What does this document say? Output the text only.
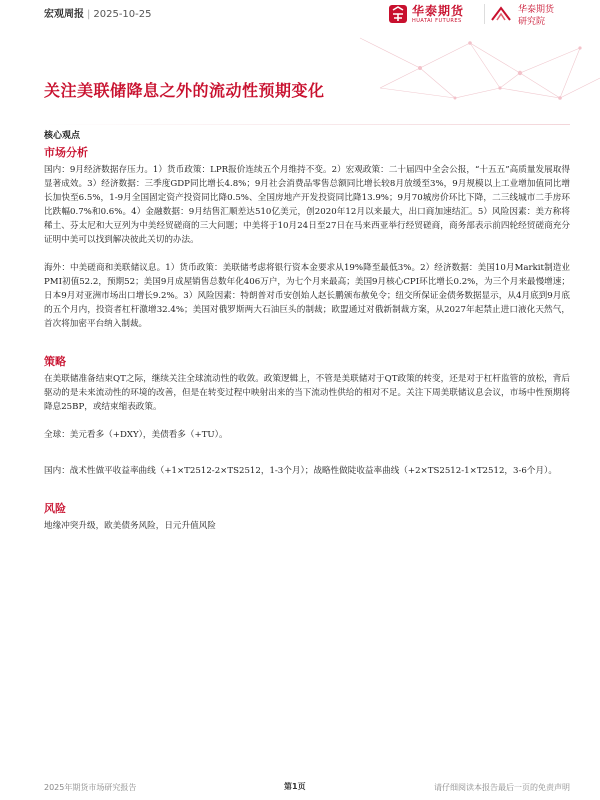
宏观周报 | 2025-10-25	华泰期货
HUATAI FUTURES
华泰期货
研究院
关注美联储降息之外的流动性预期变化
核心观点
市场分析

国内：9月经济数据存压力。1）货币政策：LPR报价连续五个月维持不变。2）宏观政策：二十届四中全会公报，“十五五”高质量发展取得显著成效。3）经济数据：三季度GDP同比增长4.8%；9月社会消费品零售总额同比增长较8月放缓至3%，9月规模以上工业增加值同比增长加快至6.5%，1-9月全国固定资产投资同比降0.5%、全国房地产开发投资同比降13.9%；9月70城房价环比下降，二三线城市二手房环比跌幅0.7%和0.6%。4）金融数据：9月结售汇顺差达510亿美元，创2020年12月以来最大，出口商加速结汇。5）风险因素：美方称将稀土、芬太尼和大豆列为中美经贸磋商的三大问题；中美将于10月24日至27日在马来西亚举行经贸磋商，商务部表示前四轮经贸磋商充分证明中美可以找到解决彼此关切的办法。

海外：中美磋商和美联储议息。1）货币政策：美联储考虑将银行资本金要求从19%降至最低3%。2）经济数据：美国10月Markit制造业PMI初值52.2，预期52；美国9月成屋销售总数年化406万户，为七个月来最高；美国9月核心CPI环比增长0.2%，为三个月来最慢增速；日本9月对亚洲市场出口增长9.2%。3）风险因素：特朗普对币安创始人赵长鹏颁布赦免令；纽交所保证金债务数据显示，从4月底到9月底的五个月内，投资者杠杆激增32.4%；美国对俄罗斯两大石油巨头的制裁；欧盟通过对俄新制裁方案，从2027年起禁止进口液化天然气，首次将加密平台纳入制裁。

策略

在美联储准备结束QT之际，继续关注全球流动性的收敛。政策逻辑上，不管是美联储对于QT政策的转变，还是对于杠杆监管的放松，背后驱动的是未来流动性的环境的改善，但是在转变过程中映射出来的当下流动性供给的相对不足。关注下周美联储议息会议，市场中性预期将降息25BP，或结束缩表政策。

全球：美元看多（+DXY），美债看多（+TU）。

国内：战术性做平收益率曲线（+1×T2512-2×TS2512，1-3个月）；战略性做陡收益率曲线（+2×TS2512-1×T2512，3-6个月）。

风险

地缘冲突升级，欧美债务风险，日元升值风险

2025年期货市场研究报告	第1页	请仔细阅读本报告最后一页的免责声明
